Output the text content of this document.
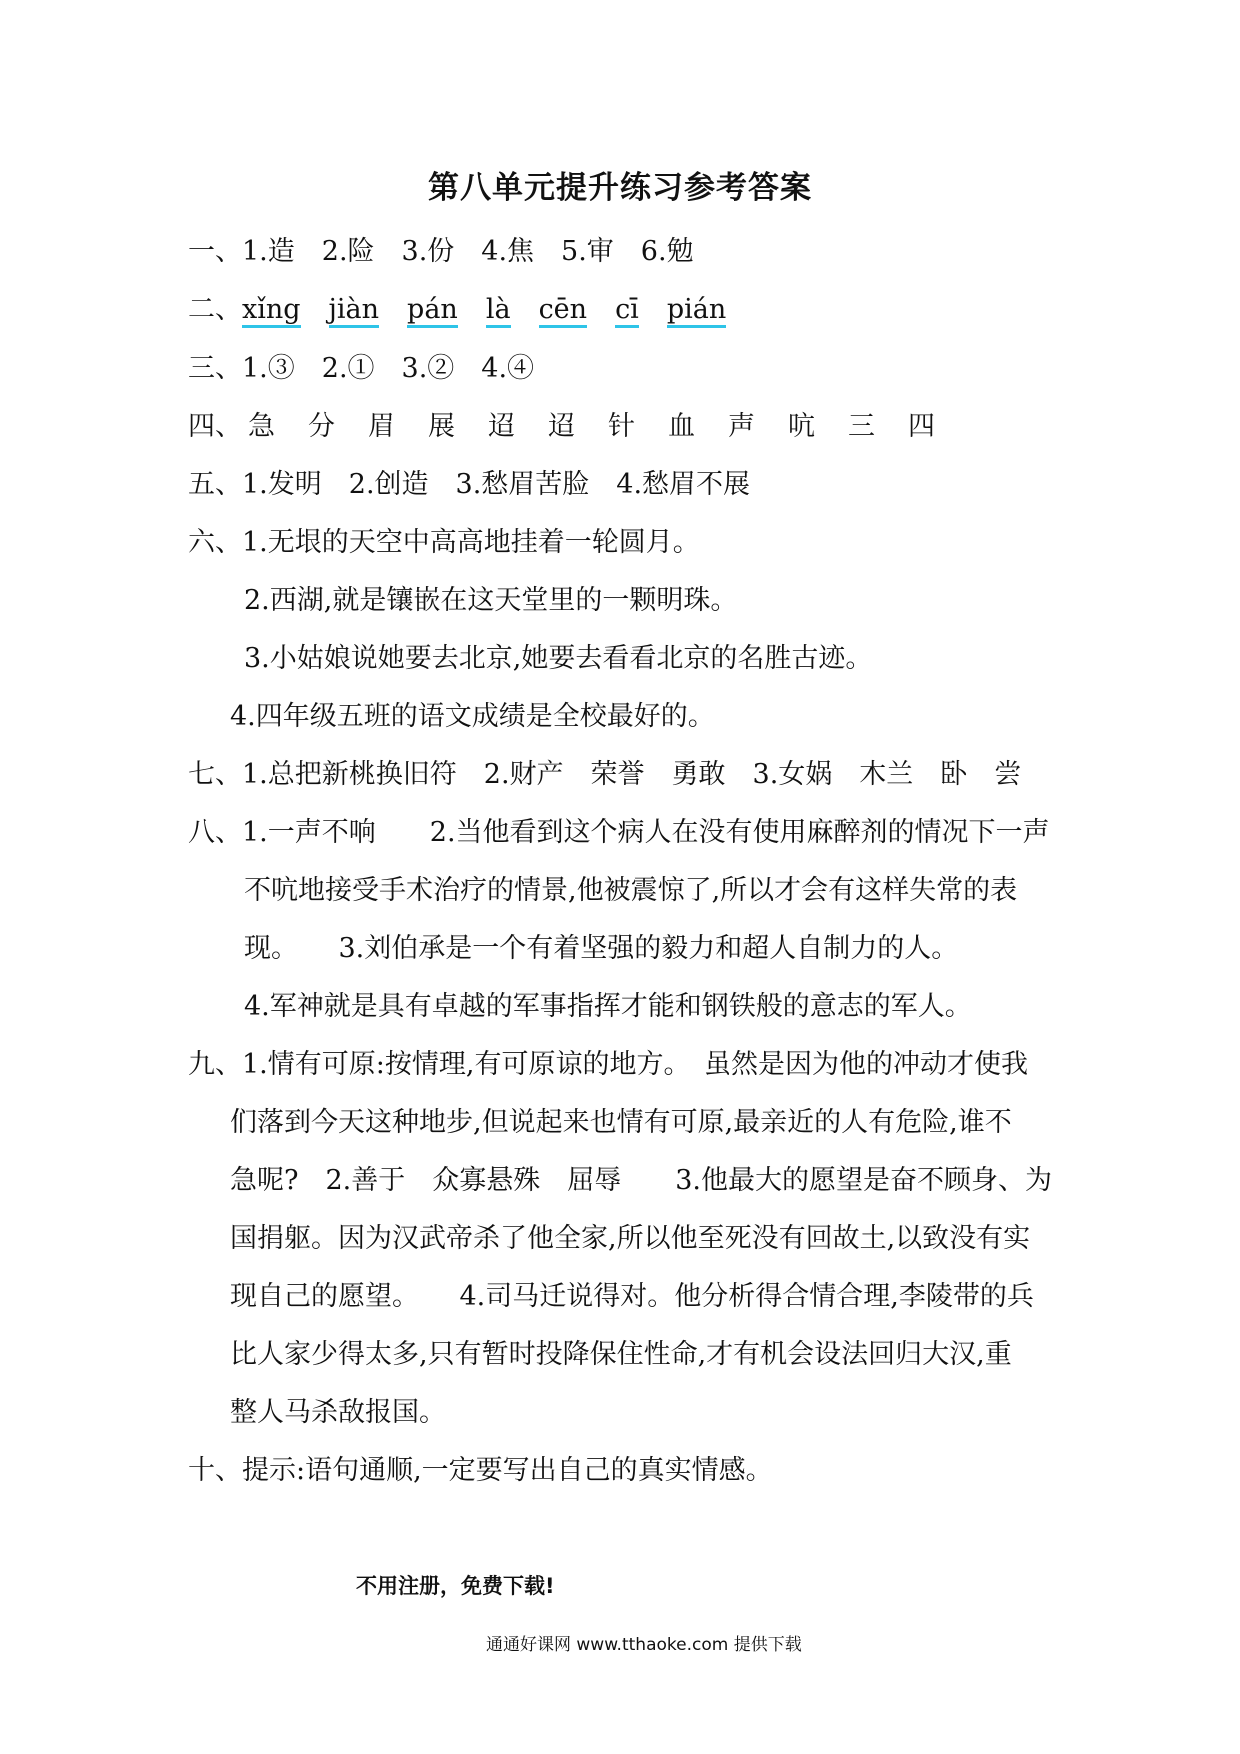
第八单元提升练习参考答案
一、1.造　2.险　3.份　4.焦　5.审　6.勉
二、xǐng jiàn pán là cēn cī pián
三、1.③　2.①　3.②　4.④
四、 急 分 眉 展 迢 迢 针 血 声 吭 三 四
五、1.发明　2.创造　3.愁眉苦脸　4.愁眉不展
六、1.无垠的天空中高高地挂着一轮圆月。
2.西湖,就是镶嵌在这天堂里的一颗明珠。
3.小姑娘说她要去北京,她要去看看北京的名胜古迹。
4.四年级五班的语文成绩是全校最好的。
七、1.总把新桃换旧符　2.财产　荣誉　勇敢　3.女娲　木兰　卧　尝
八、1.一声不响　　2.当他看到这个病人在没有使用麻醉剂的情况下一声
不吭地接受手术治疗的情景,他被震惊了,所以才会有这样失常的表
现。　　3.刘伯承是一个有着坚强的毅力和超人自制力的人。
4.军神就是具有卓越的军事指挥才能和钢铁般的意志的军人。
九、1.情有可原:按情理,有可原谅的地方。　虽然是因为他的冲动才使我
们落到今天这种地步,但说起来也情有可原,最亲近的人有危险,谁不
急呢?　2.善于　众寡悬殊　屈辱　　3.他最大的愿望是奋不顾身、为
国捐躯。因为汉武帝杀了他全家,所以他至死没有回故土,以致没有实
现自己的愿望。　　4.司马迁说得对。他分析得合情合理,李陵带的兵
比人家少得太多,只有暂时投降保住性命,才有机会设法回归大汉,重
整人马杀敌报国。
十、提示:语句通顺,一定要写出自己的真实情感。
不用注册，免费下载!
通通好课网 www.tthaoke.com 提供下载
